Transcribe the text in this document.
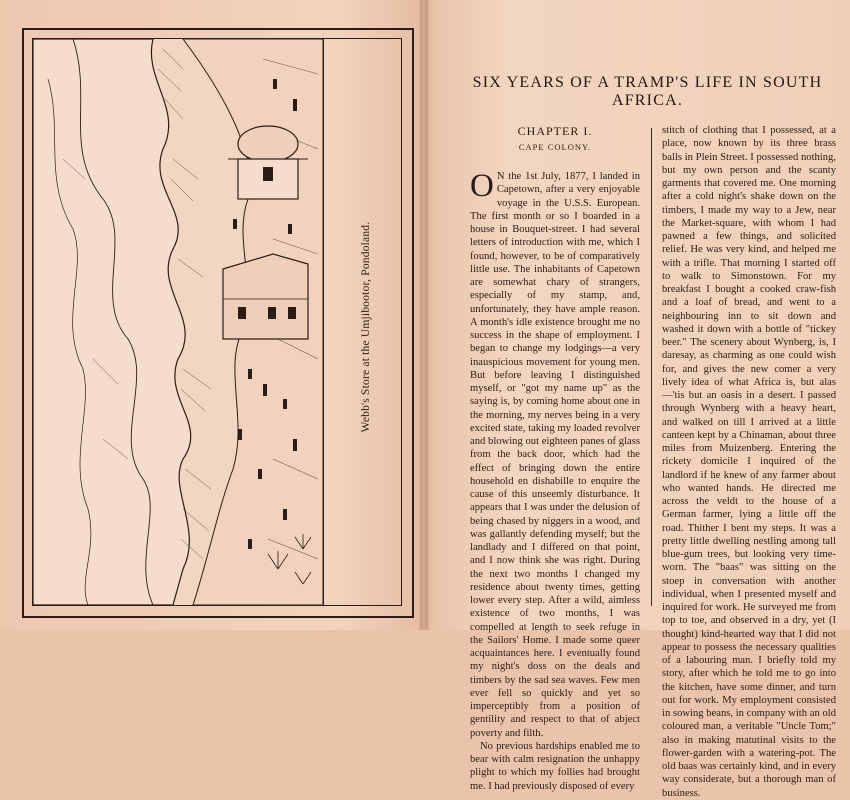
Webb's Store at the Umjibootor, Pondoland.
SIX YEARS OF A TRAMP'S LIFE IN SOUTH AFRICA.
CHAPTER I.
CAPE COLONY.

O N the 1st July, 1877, I landed in Capetown, after a very enjoyable voyage in the U.S.S. European. The first month or so I boarded in a house in Bouquet-street. I had several letters of introduction with me, which I found, however, to be of comparatively little use. The inhabitants of Capetown are somewhat chary of strangers, especially of my stamp, and, unfortunately, they have ample reason. A month's idle existence brought me no success in the shape of employment. I began to change my lodgings—a very inauspicious movement for young men. But before leaving I distinguished myself, or "got my name up" as the saying is, by coming home about one in the morning, my nerves being in a very excited state, taking my loaded revolver and blowing out eighteen panes of glass from the back door, which had the effect of bringing down the entire household en dishabille to enquire the cause of this unseemly disturbance. It appears that I was under the delusion of being chased by niggers in a wood, and was gallantly defending myself; but the landlady and I differed on that point, and I now think she was right. During the next two months I changed my residence about twenty times, getting lower every step. After a wild, aimless existence of two months, I was compelled at length to seek refuge in the Sailors' Home. I made some queer acquaintances here. I eventually found my night's doss on the deals and timbers by the sad sea waves. Few men ever fell so quickly and yet so imperceptibly from a position of gentility and respect to that of abject poverty and filth.

No previous hardships enabled me to bear with calm resignation the unhappy plight to which my follies had brought me. I had previously disposed of every

stitch of clothing that I possessed, at a place, now known by its three brass balls in Plein Street. I possessed nothing, but my own person and the scanty garments that covered me. One morning after a cold night's shake down on the timbers, I made my way to a Jew, near the Market-square, with whom I had pawned a few things, and solicited relief. He was very kind, and helped me with a trifle. That morning I started off to walk to Simonstown. For my breakfast I bought a cooked craw-fish and a loaf of bread, and went to a neighbouring inn to sit down and washed it down with a bottle of "tickey beer." The scenery about Wynberg, is, I daresay, as charming as one could wish for, and gives the new comer a very lively idea of what Africa is, but alas—'tis but an oasis in a desert. I passed through Wynberg with a heavy heart, and walked on till I arrived at a little canteen kept by a Chinaman, about three miles from Muizenberg. Entering the rickety domicile I inquired of the landlord if he knew of any farmer about who wanted hands. He directed me across the veldt to the house of a German farmer, lying a little off the road. Thither I bent my steps. It was a pretty little dwelling nestling among tall blue-gum trees, but looking very time-worn. The "baas" was sitting on the stoep in conversation with another individual, when I presented myself and inquired for work. He surveyed me from top to toe, and observed in a dry, yet (I thought) kind-hearted way that I did not appear to possess the necessary qualities of a labouring man. I briefly told my story, after which he told me to go into the kitchen, have some dinner, and turn out for work. My employment consisted in sowing beans, in company with an old coloured man, a veritable "Uncle Tom;" also in making matutinal visits to the flower-garden with a watering-pot. The old baas was certainly kind, and in every way considerate, but a thorough man of business.
